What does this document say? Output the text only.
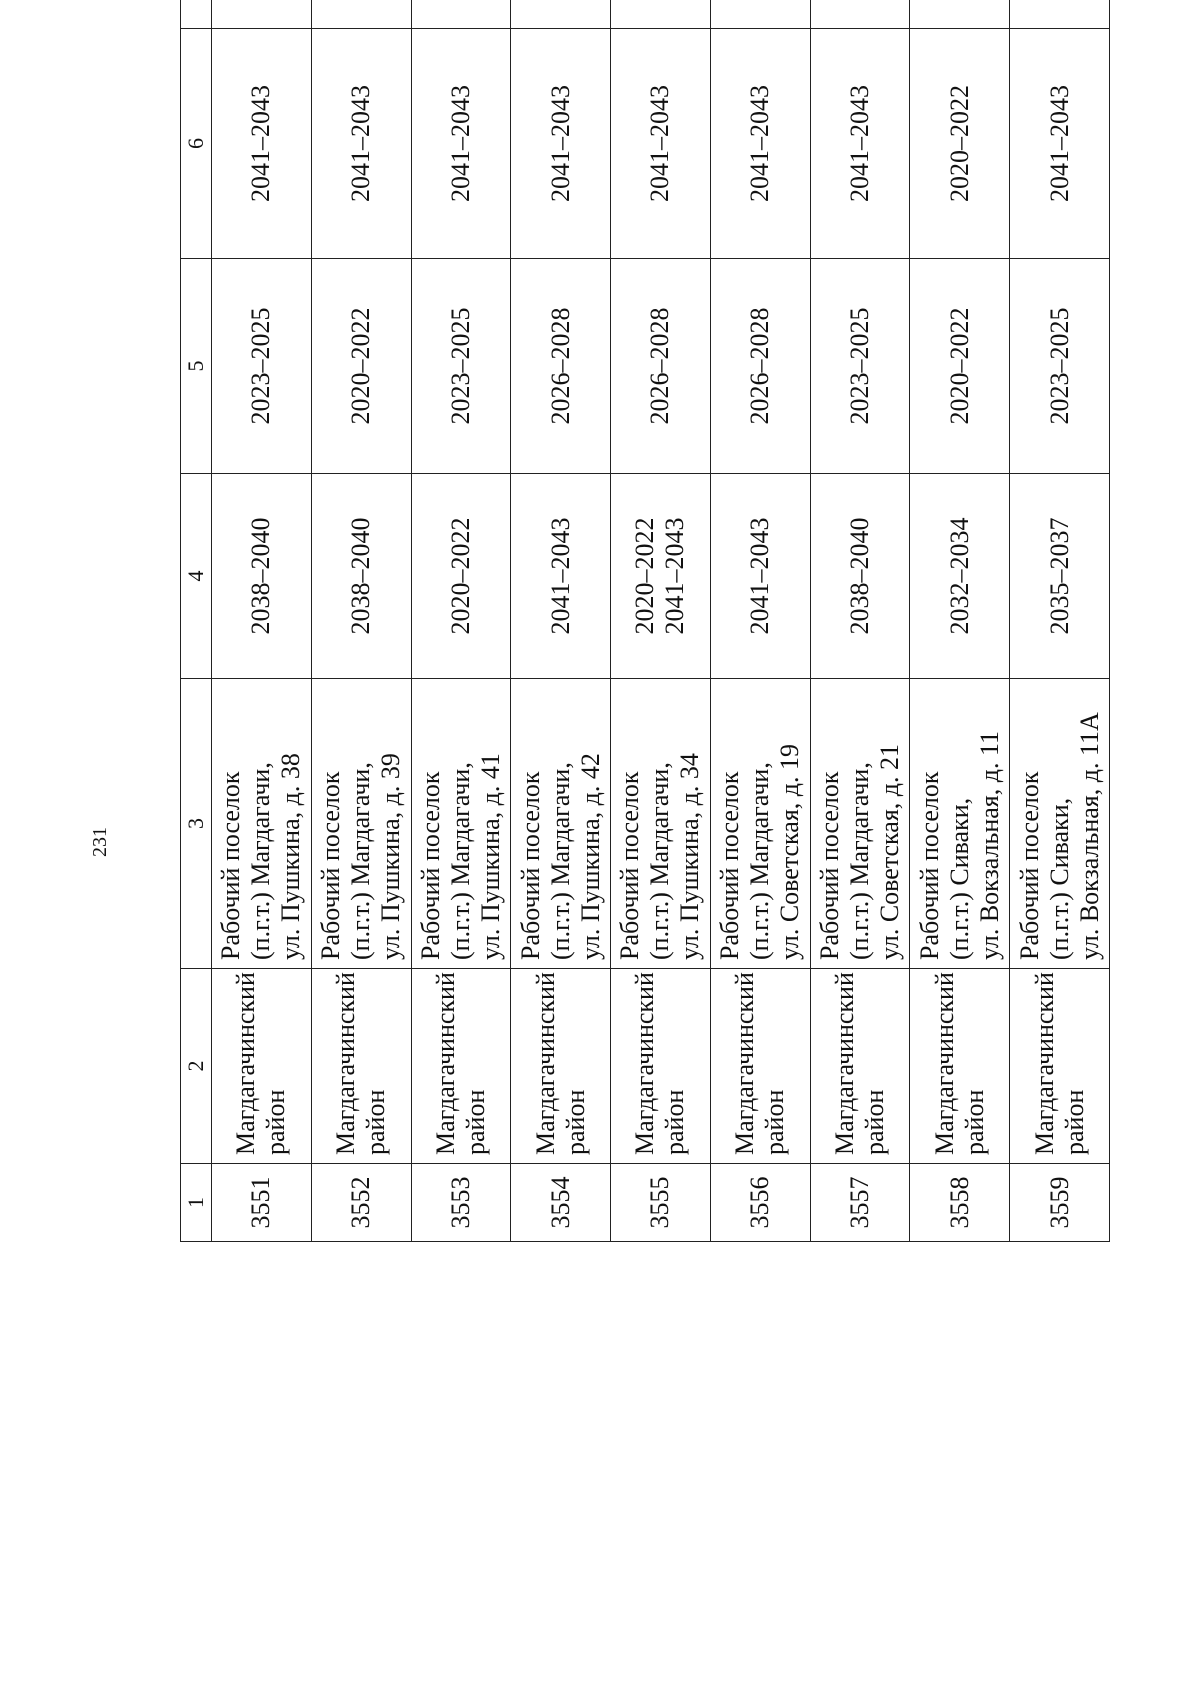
231
1	2	3	4	5	6	
3551	Магдагачинский район	Рабочий поселок (п.г.т.) Магдагачи, ул. Пушкина, д. 38	2038–2040	2023–2025	2041–2043	
3552	Магдагачинский район	Рабочий поселок (п.г.т.) Магдагачи, ул. Пушкина, д. 39	2038–2040	2020–2022	2041–2043	
3553	Магдагачинский район	Рабочий поселок (п.г.т.) Магдагачи, ул. Пушкина, д. 41	2020–2022	2023–2025	2041–2043	
3554	Магдагачинский район	Рабочий поселок (п.г.т.) Магдагачи, ул. Пушкина, д. 42	2041–2043	2026–2028	2041–2043	
3555	Магдагачинский район	Рабочий поселок (п.г.т.) Магдагачи, ул. Пушкина, д. 34	2020–2022 2041–2043	2026–2028	2041–2043	
3556	Магдагачинский район	Рабочий поселок (п.г.т.) Магдагачи, ул. Советская, д. 19	2041–2043	2026–2028	2041–2043	
3557	Магдагачинский район	Рабочий поселок (п.г.т.) Магдагачи, ул. Советская, д. 21	2038–2040	2023–2025	2041–2043	
3558	Магдагачинский район	Рабочий поселок (п.г.т.) Сиваки, ул. Вокзальная, д. 11	2032–2034	2020–2022	2020–2022	
3559	Магдагачинский район	Рабочий поселок (п.г.т.) Сиваки, ул. Вокзальная, д. 11А	2035–2037	2023–2025	2041–2043	
